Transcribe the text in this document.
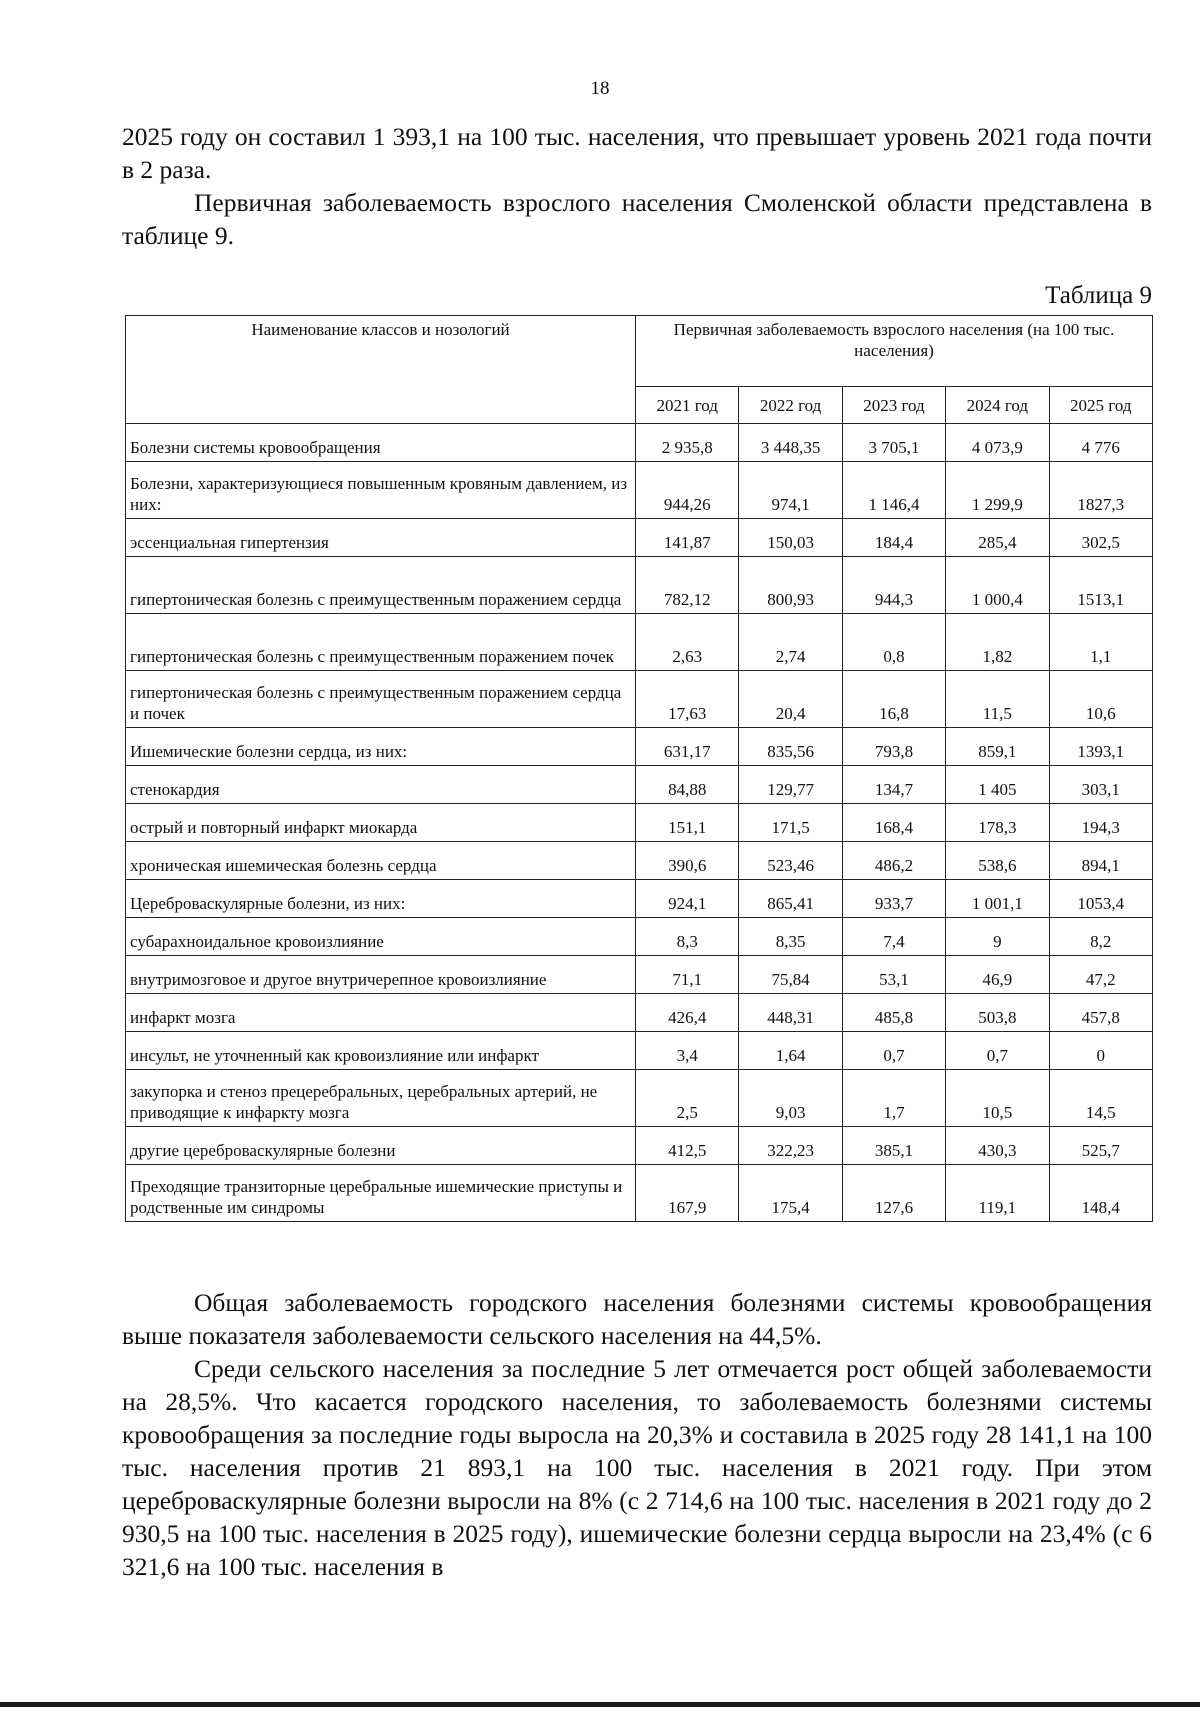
18

2025 году он составил 1 393,1 на 100 тыс. населения, что превышает уровень 2021 года почти в 2 раза.

Первичная заболеваемость взрослого населения Смоленской области представлена в таблице 9.

Таблица 9
Наименование классов и нозологий	Первичная заболеваемость взрослого населения (на 100 тыс. населения)				
	2021 год	2022 год	2023 год	2024 год	2025 год
Болезни системы кровообращения	2 935,8	3 448,35	3 705,1	4 073,9	4 776
Болезни, характеризующиеся повышенным кровяным давлением, из них:	944,26	974,1	1 146,4	1 299,9	1827,3
эссенциальная гипертензия	141,87	150,03	184,4	285,4	302,5
гипертоническая болезнь с преимущественным поражением сердца	782,12	800,93	944,3	1 000,4	1513,1
гипертоническая болезнь с преимущественным поражением почек	2,63	2,74	0,8	1,82	1,1
гипертоническая болезнь с преимущественным поражением сердца и почек	17,63	20,4	16,8	11,5	10,6
Ишемические болезни сердца, из них:	631,17	835,56	793,8	859,1	1393,1
стенокардия	84,88	129,77	134,7	1 405	303,1
острый и повторный инфаркт миокарда	151,1	171,5	168,4	178,3	194,3
хроническая ишемическая болезнь сердца	390,6	523,46	486,2	538,6	894,1
Цереброваскулярные болезни, из них:	924,1	865,41	933,7	1 001,1	1053,4
субарахноидальное кровоизлияние	8,3	8,35	7,4	9	8,2
внутримозговое и другое внутричерепное кровоизлияние	71,1	75,84	53,1	46,9	47,2
инфаркт мозга	426,4	448,31	485,8	503,8	457,8
инсульт, не уточненный как кровоизлияние или инфаркт	3,4	1,64	0,7	0,7	0
закупорка и стеноз прецеребральных, церебральных артерий, не приводящие к инфаркту мозга	2,5	9,03	1,7	10,5	14,5
другие цереброваскулярные болезни	412,5	322,23	385,1	430,3	525,7
Преходящие транзиторные церебральные ишемические приступы и родственные им синдромы	167,9	175,4	127,6	119,1	148,4

Общая заболеваемость городского населения болезнями системы кровообращения выше показателя заболеваемости сельского населения на 44,5%.

Среди сельского населения за последние 5 лет отмечается рост общей заболеваемости на 28,5%. Что касается городского населения, то заболеваемость болезнями системы кровообращения за последние годы выросла на 20,3% и составила в 2025 году 28 141,1 на 100 тыс. населения против 21 893,1 на 100 тыс. населения в 2021 году. При этом цереброваскулярные болезни выросли на 8% (с 2 714,6 на 100 тыс. населения в 2021 году до 2 930,5 на 100 тыс. населения в 2025 году), ишемические болезни сердца выросли на 23,4% (с 6 321,6 на 100 тыс. населения в
